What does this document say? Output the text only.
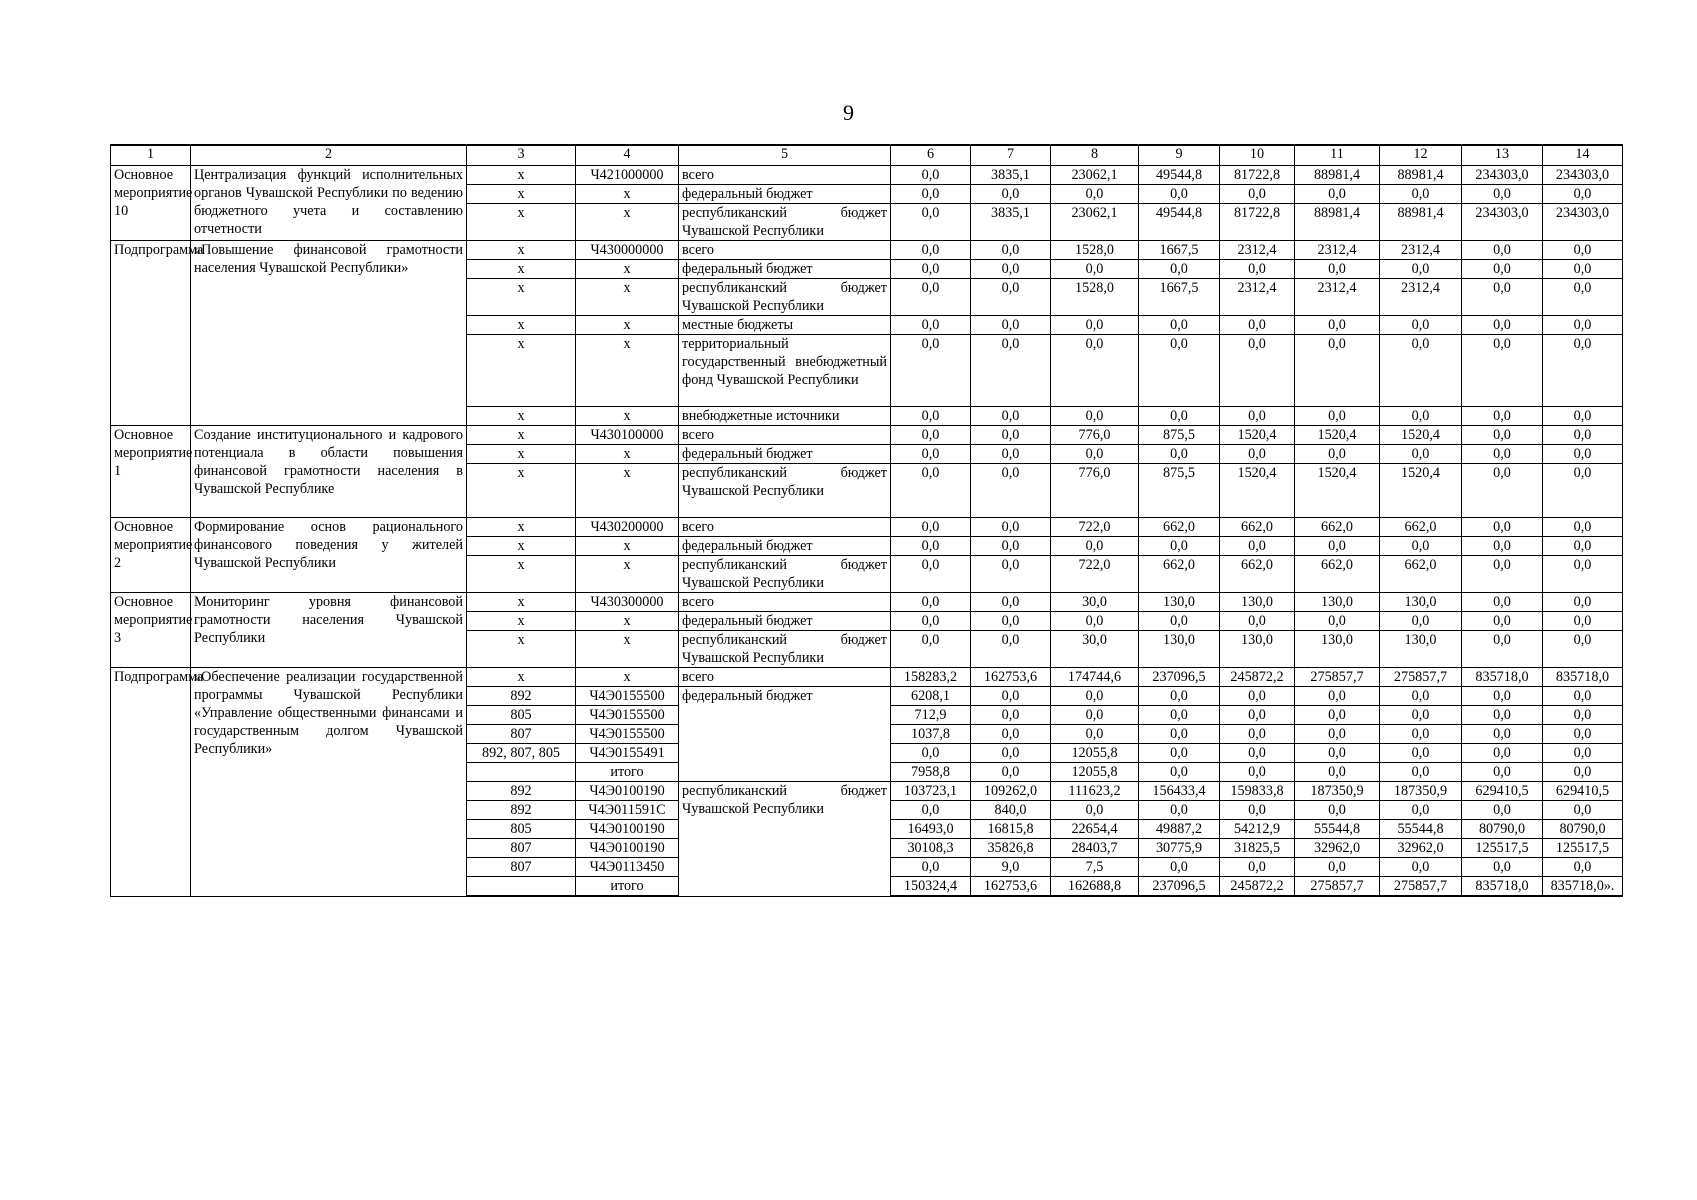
9
1	2	3	4	5	6	7	8	9	10	11	12	13	14
Основное мероприятие 10	Централизация функций исполнительных органов Чувашской Республики по ведению бюджетного учета и составлению отчетности	х	Ч421000000	всего	0,0	3835,1	23062,1	49544,8	81722,8	88981,4	88981,4	234303,0	234303,0
		х	х	федеральный бюджет	0,0	0,0	0,0	0,0	0,0	0,0	0,0	0,0	0,0
		х	х	республиканский бюджет Чувашской Республики	0,0	3835,1	23062,1	49544,8	81722,8	88981,4	88981,4	234303,0	234303,0
Подпрограмма	«Повышение финансовой грамотности населения Чувашской Республики»	х	Ч430000000	всего	0,0	0,0	1528,0	1667,5	2312,4	2312,4	2312,4	0,0	0,0
		х	х	федеральный бюджет	0,0	0,0	0,0	0,0	0,0	0,0	0,0	0,0	0,0
		х	х	республиканский бюджет Чувашской Республики	0,0	0,0	1528,0	1667,5	2312,4	2312,4	2312,4	0,0	0,0
		х	х	местные бюджеты	0,0	0,0	0,0	0,0	0,0	0,0	0,0	0,0	0,0
		х	х	территориальный государственный внебюджетный фонд Чувашской Республики	0,0	0,0	0,0	0,0	0,0	0,0	0,0	0,0	0,0
		х	х	внебюджетные источники	0,0	0,0	0,0	0,0	0,0	0,0	0,0	0,0	0,0
Основное мероприятие 1	Создание институционального и кадрового потенциала в области повышения финансовой грамотности населения в Чувашской Республике	х	Ч430100000	всего	0,0	0,0	776,0	875,5	1520,4	1520,4	1520,4	0,0	0,0
		х	х	федеральный бюджет	0,0	0,0	0,0	0,0	0,0	0,0	0,0	0,0	0,0
		х	х	республиканский бюджет Чувашской Республики	0,0	0,0	776,0	875,5	1520,4	1520,4	1520,4	0,0	0,0
Основное мероприятие 2	Формирование основ рационального финансового поведения у жителей Чувашской Республики	х	Ч430200000	всего	0,0	0,0	722,0	662,0	662,0	662,0	662,0	0,0	0,0
		х	х	федеральный бюджет	0,0	0,0	0,0	0,0	0,0	0,0	0,0	0,0	0,0
		х	х	республиканский бюджет Чувашской Республики	0,0	0,0	722,0	662,0	662,0	662,0	662,0	0,0	0,0
Основное мероприятие 3	Мониторинг уровня финансовой грамотности населения Чувашской Республики	х	Ч430300000	всего	0,0	0,0	30,0	130,0	130,0	130,0	130,0	0,0	0,0
		х	х	федеральный бюджет	0,0	0,0	0,0	0,0	0,0	0,0	0,0	0,0	0,0
		х	х	республиканский бюджет Чувашской Республики	0,0	0,0	30,0	130,0	130,0	130,0	130,0	0,0	0,0
Подпрограмма	«Обеспечение реализации государственной программы Чувашской Республики «Управление общественными финансами и государственным долгом Чувашской Республики»	х	х	всего	158283,2	162753,6	174744,6	237096,5	245872,2	275857,7	275857,7	835718,0	835718,0
		892	Ч4Э0155500	федеральный бюджет	6208,1	0,0	0,0	0,0	0,0	0,0	0,0	0,0	0,0
		805	Ч4Э0155500		712,9	0,0	0,0	0,0	0,0	0,0	0,0	0,0	0,0
		807	Ч4Э0155500		1037,8	0,0	0,0	0,0	0,0	0,0	0,0	0,0	0,0
		892, 807, 805	Ч4Э0155491		0,0	0,0	12055,8	0,0	0,0	0,0	0,0	0,0	0,0
			итого		7958,8	0,0	12055,8	0,0	0,0	0,0	0,0	0,0	0,0
		892	Ч4Э0100190	республиканский бюджет Чувашской Республики	103723,1	109262,0	111623,2	156433,4	159833,8	187350,9	187350,9	629410,5	629410,5
		892	Ч4Э011591С		0,0	840,0	0,0	0,0	0,0	0,0	0,0	0,0	0,0
		805	Ч4Э0100190		16493,0	16815,8	22654,4	49887,2	54212,9	55544,8	55544,8	80790,0	80790,0
		807	Ч4Э0100190		30108,3	35826,8	28403,7	30775,9	31825,5	32962,0	32962,0	125517,5	125517,5
		807	Ч4Э0113450		0,0	9,0	7,5	0,0	0,0	0,0	0,0	0,0	0,0
			итого		150324,4	162753,6	162688,8	237096,5	245872,2	275857,7	275857,7	835718,0	835718,0».
